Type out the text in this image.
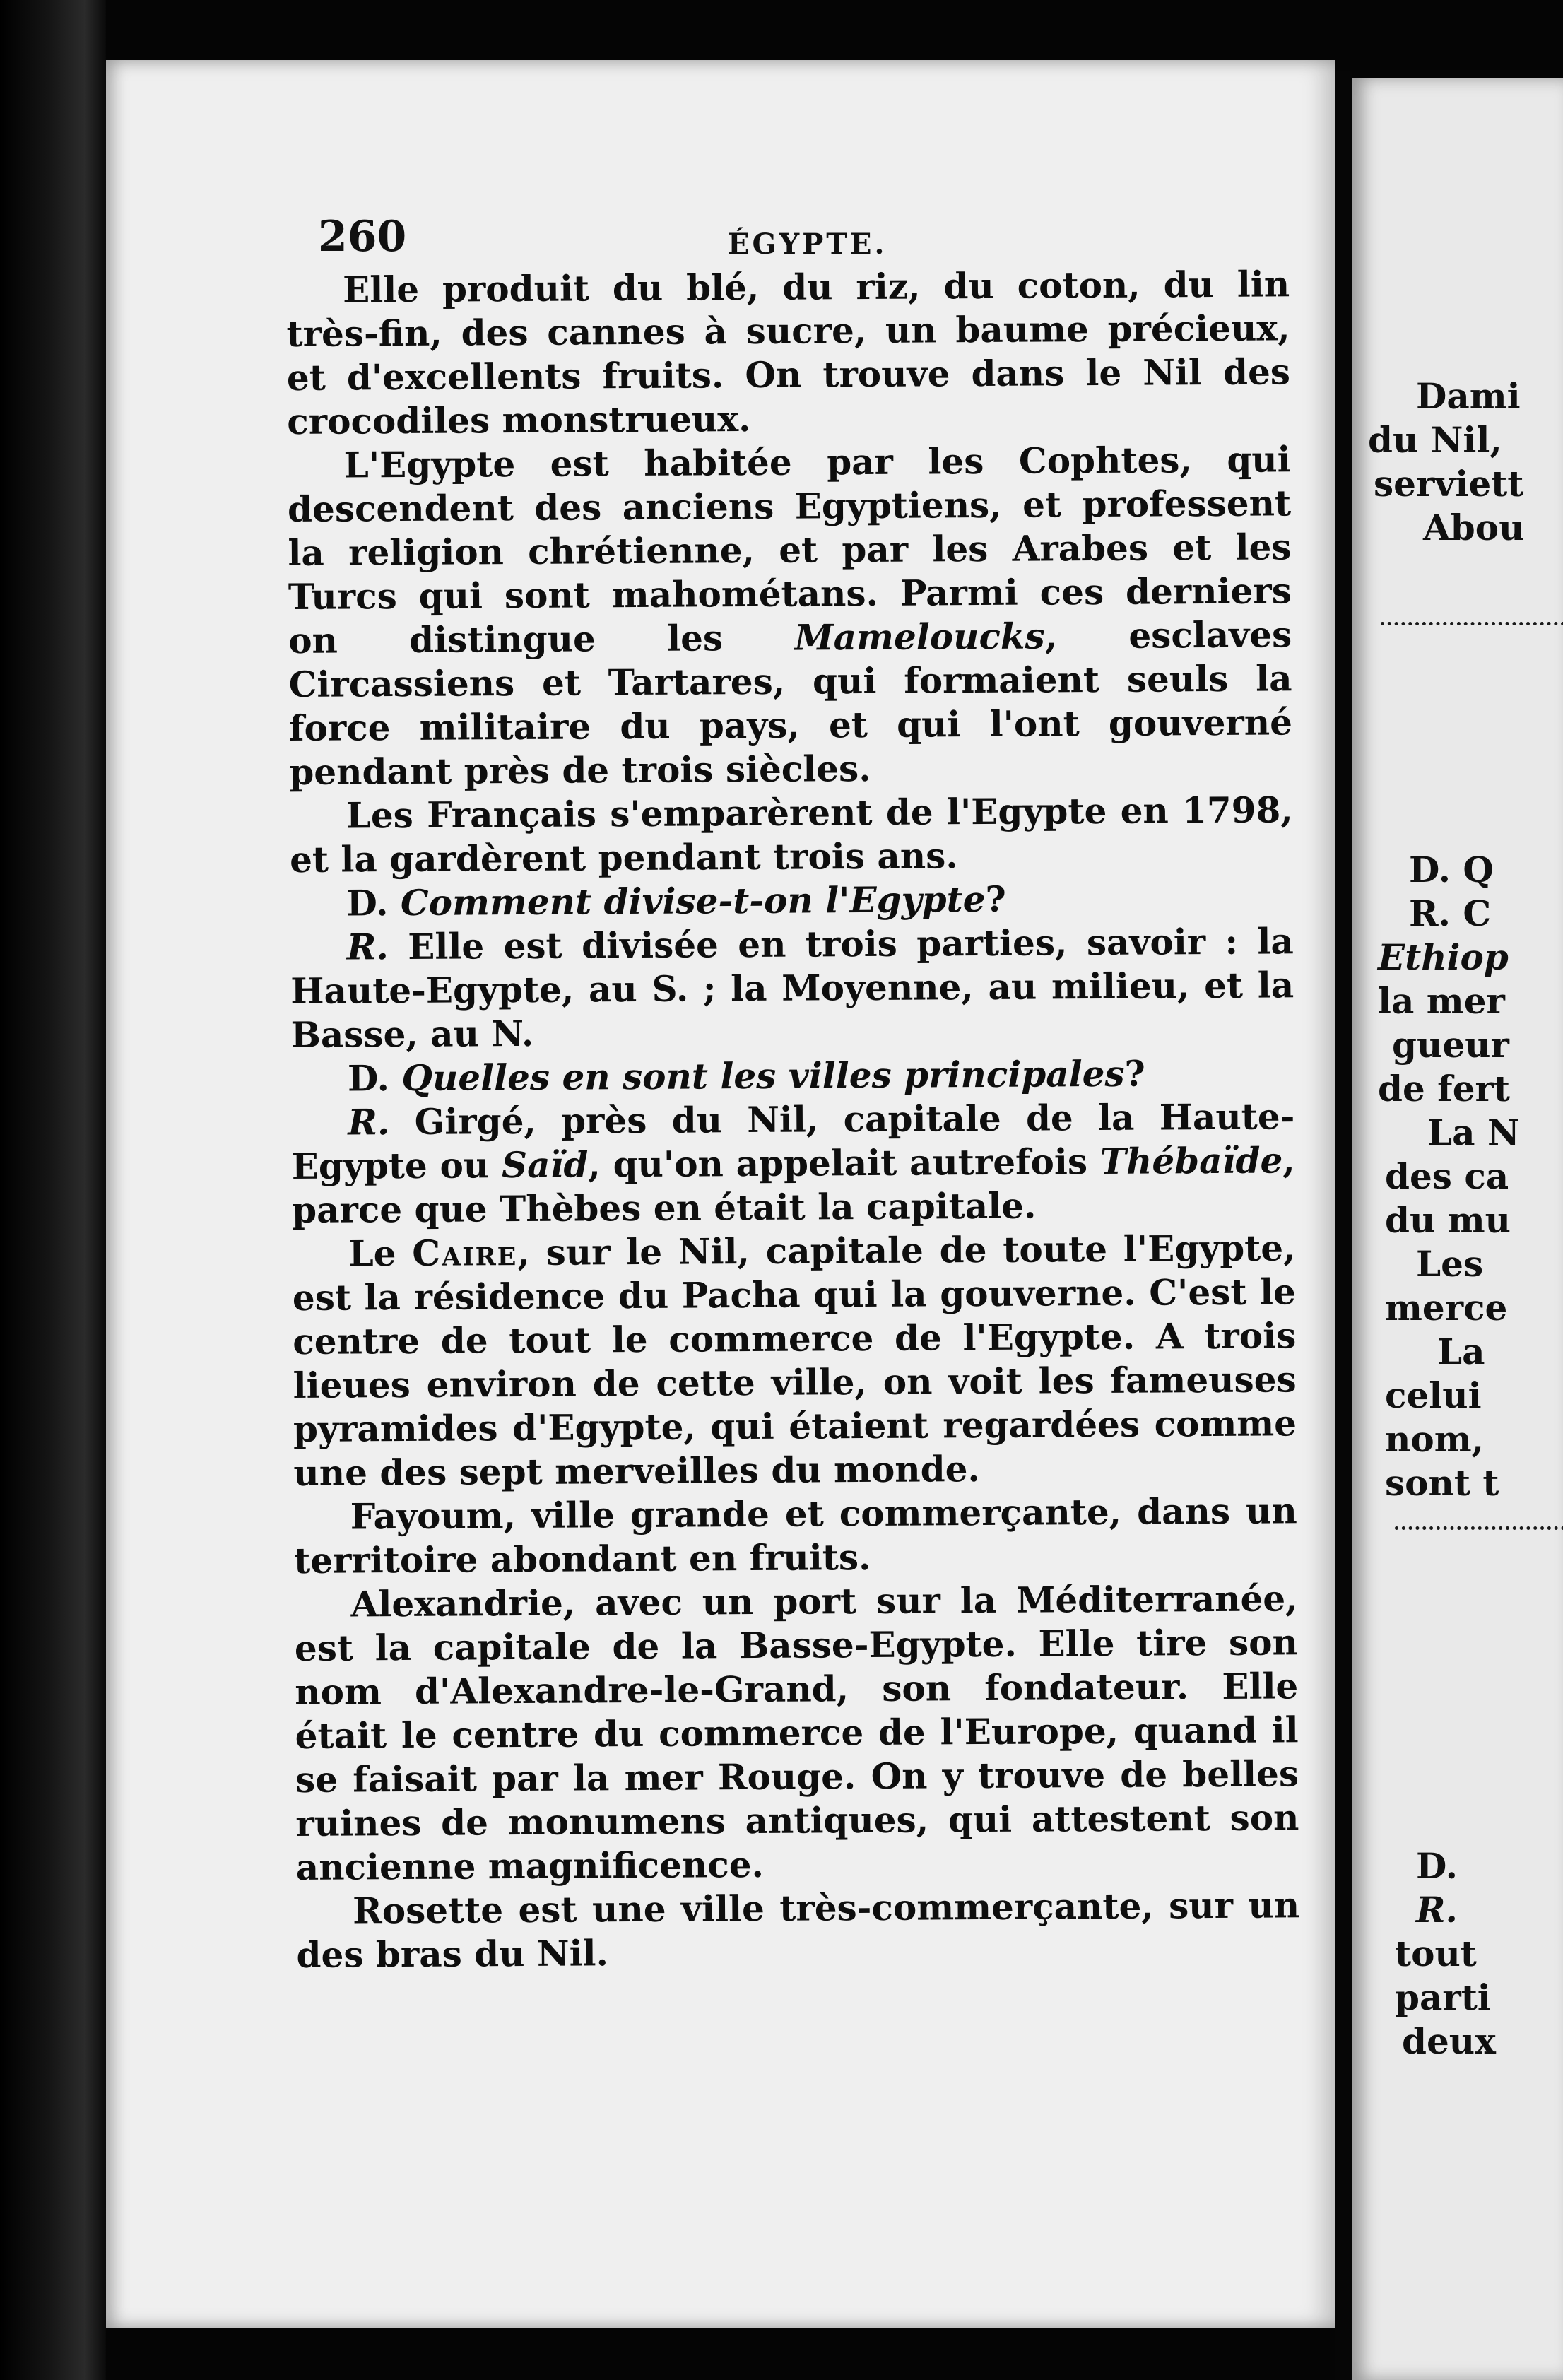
Dami
du Nil,
serviett
Abou
D. Q
R. C
Ethiop
la mer
gueur
de fert
La N
des ca
du mu
Les
merce
La
celui
nom,
sont t
D.
R.
tout
parti
deux
260	ÉGYPTE.

Elle produit du blé, du riz, du coton, du lin très-fin, des cannes à sucre, un baume précieux, et d'excellents fruits. On trouve dans le Nil des crocodiles monstrueux.

L'Egypte est habitée par les Cophtes, qui descendent des anciens Egyptiens, et professent la religion chrétienne, et par les Arabes et les Turcs qui sont mahométans. Parmi ces derniers on distingue les Mameloucks, esclaves Circassiens et Tartares, qui formaient seuls la force militaire du pays, et qui l'ont gouverné pendant près de trois siècles.

Les Français s'emparèrent de l'Egypte en 1798, et la gardèrent pendant trois ans.

D. Comment divise-t-on l'Egypte?

R. Elle est divisée en trois parties, savoir : la Haute-Egypte, au S. ; la Moyenne, au milieu, et la Basse, au N.

D. Quelles en sont les villes principales?

R. Girgé, près du Nil, capitale de la Haute-Egypte ou Saïd, qu'on appelait autrefois Thébaïde, parce que Thèbes en était la capitale.

Le Caire, sur le Nil, capitale de toute l'Egypte, est la résidence du Pacha qui la gouverne. C'est le centre de tout le commerce de l'Egypte. A trois lieues environ de cette ville, on voit les fameuses pyramides d'Egypte, qui étaient regardées comme une des sept merveilles du monde.

Fayoum, ville grande et commerçante, dans un territoire abondant en fruits.

Alexandrie, avec un port sur la Méditerranée, est la capitale de la Basse-Egypte. Elle tire son nom d'Alexandre-le-Grand, son fondateur. Elle était le centre du commerce de l'Europe, quand il se faisait par la mer Rouge. On y trouve de belles ruines de monumens antiques, qui attestent son ancienne magnificence.

Rosette est une ville très-commerçante, sur un des bras du Nil.
